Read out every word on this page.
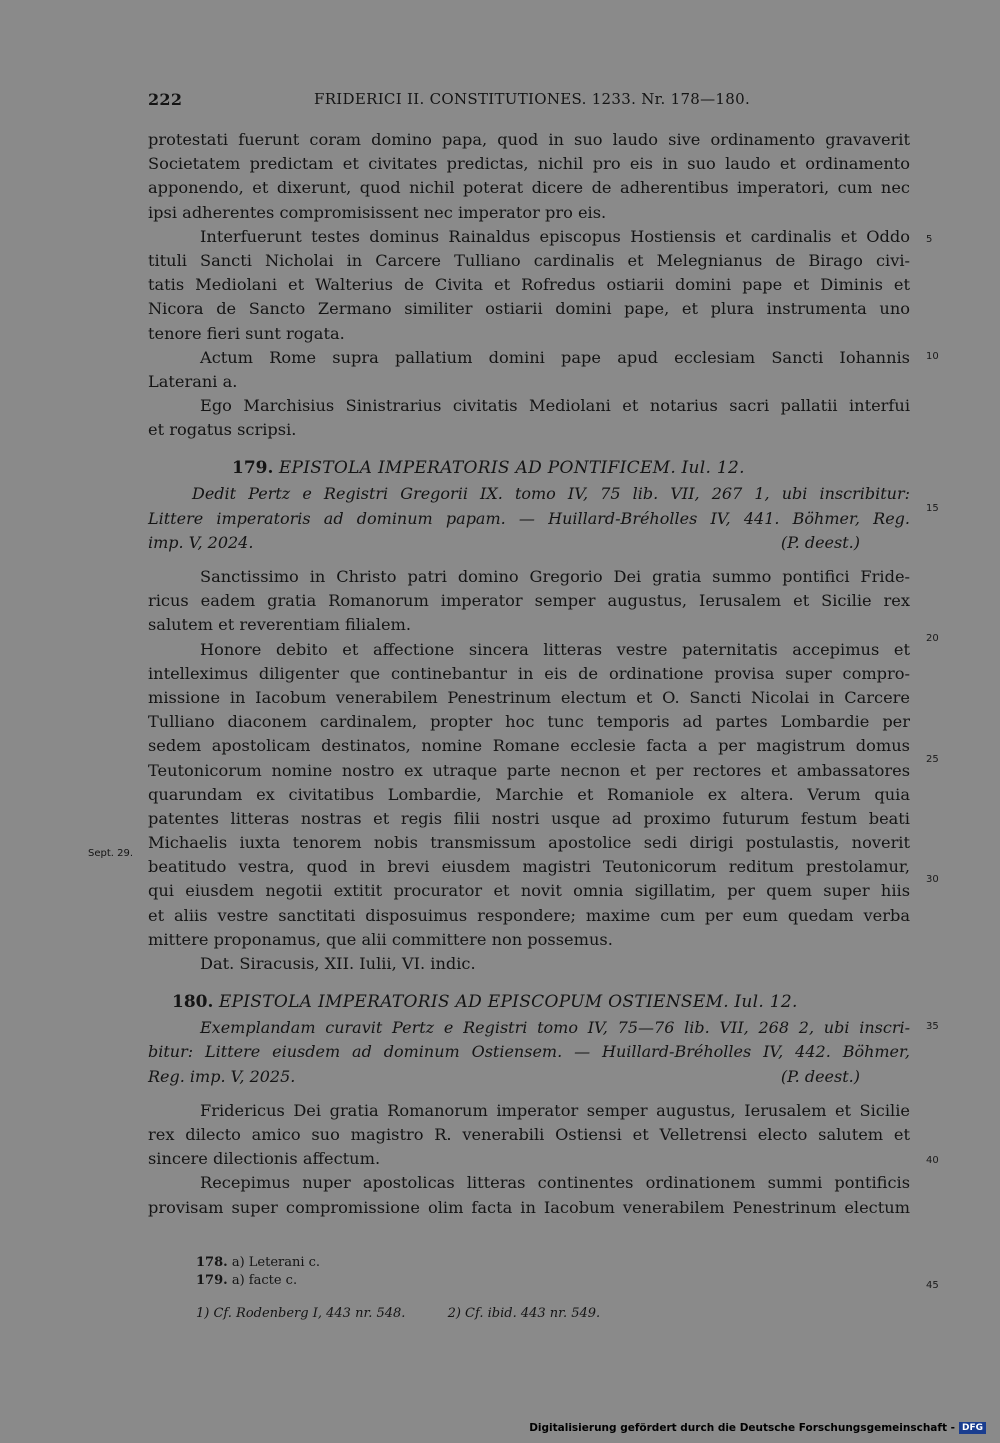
222	FRIDERICI II. CONSTITUTIONES. 1233. Nr. 178—180.
protestati fuerunt coram domino papa, quod in suo laudo sive ordinamento gravaverit
Societatem predictam et civitates predictas, nichil pro eis in suo laudo et ordinamento
apponendo, et dixerunt, quod nichil poterat dicere de adherentibus imperatori, cum nec
ipsi adherentes compromisissent nec imperator pro eis.
Interfuerunt testes dominus Rainaldus episcopus Hostiensis et cardinalis et Oddo
tituli Sancti Nicholai in Carcere Tulliano cardinalis et Melegnianus de Birago civi-
tatis Mediolani et Walterius de Civita et Rofredus ostiarii domini pape et Diminis et
Nicora de Sancto Zermano similiter ostiarii domini pape, et plura instrumenta uno
tenore fieri sunt rogata.
Actum Rome supra pallatium domini pape apud ecclesiam Sancti Iohannis
Laterani a.
Ego Marchisius Sinistrarius civitatis Mediolani et notarius sacri pallatii interfui
et rogatus scripsi.
179. EPISTOLA IMPERATORIS AD PONTIFICEM. Iul. 12.
Dedit Pertz e Registri Gregorii IX. tomo IV, 75 lib. VII, 267 1, ubi inscribitur:
Littere imperatoris ad dominum papam. — Huillard-Bréholles IV, 441. Böhmer, Reg.
imp. V, 2024.	(P. deest.)
Sanctissimo in Christo patri domino Gregorio Dei gratia summo pontifici Fride-
ricus eadem gratia Romanorum imperator semper augustus, Ierusalem et Sicilie rex
salutem et reverentiam filialem.
Honore debito et affectione sincera litteras vestre paternitatis accepimus et
intelleximus diligenter que continebantur in eis de ordinatione provisa super compro-
missione in Iacobum venerabilem Penestrinum electum et O. Sancti Nicolai in Carcere
Tulliano diaconem cardinalem, propter hoc tunc temporis ad partes Lombardie per
sedem apostolicam destinatos, nomine Romane ecclesie facta a per magistrum domus
Teutonicorum nomine nostro ex utraque parte necnon et per rectores et ambassatores
quarundam ex civitatibus Lombardie, Marchie et Romaniole ex altera. Verum quia
patentes litteras nostras et regis filii nostri usque ad proximo futurum festum beati
Michaelis iuxta tenorem nobis transmissum apostolice sedi dirigi postulastis, noverit
beatitudo vestra, quod in brevi eiusdem magistri Teutonicorum reditum prestolamur,
qui eiusdem negotii extitit procurator et novit omnia sigillatim, per quem super hiis
et aliis vestre sanctitati disposuimus respondere; maxime cum per eum quedam verba
mittere proponamus, que alii committere non possemus.
Dat. Siracusis, XII. Iulii, VI. indic.
180. EPISTOLA IMPERATORIS AD EPISCOPUM OSTIENSEM. Iul. 12.
Exemplandam curavit Pertz e Registri tomo IV, 75—76 lib. VII, 268 2, ubi inscri-
bitur: Littere eiusdem ad dominum Ostiensem. — Huillard-Bréholles IV, 442. Böhmer,
Reg. imp. V, 2025.	(P. deest.)
Fridericus Dei gratia Romanorum imperator semper augustus, Ierusalem et Sicilie
rex dilecto amico suo magistro R. venerabili Ostiensi et Velletrensi electo salutem et
sincere dilectionis affectum.
Recepimus nuper apostolicas litteras continentes ordinationem summi pontificis
provisam super compromissione olim facta in Iacobum venerabilem Penestrinum electum
5
10
15
20
25
30
35
40
45
Sept. 29.
178. a) Leterani c.
179. a) facte c.
1) Cf. Rodenberg I, 443 nr. 548.	2) Cf. ibid. 443 nr. 549.
Digitalisierung gefördert durch die Deutsche Forschungsgemeinschaft - DFG
